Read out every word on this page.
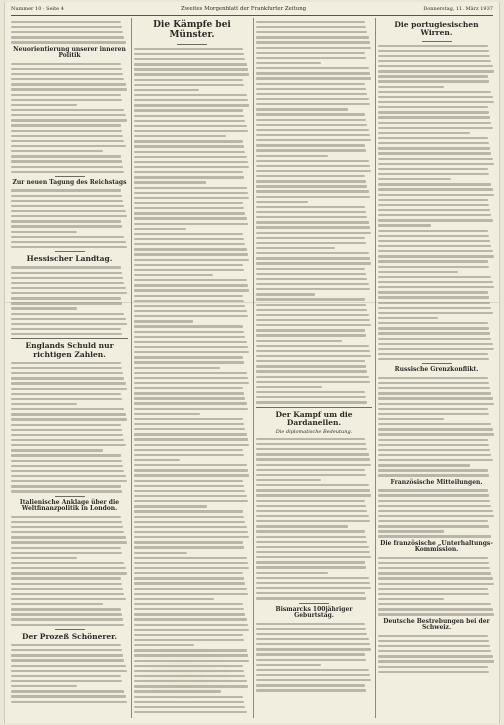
Nummer 10 · Seite 4	Zweites Morgenblatt der Frankfurter Zeitung	Donnerstag, 11. März 1937
Neuorientierung unserer inneren Politik
Zur neuen Tagung des Reichstags
Hessischer Landtag.
Englands Schuld nur richtigen Zahlen.
Italienische Anklage über die Weltfinanzpolitik in London.
Der Prozeß Schönerer.
Die Kämpfe bei Münster.
Der Kampf um die Dardanellen.
Die diplomatische Bedeutung.
Bismarcks 100jähriger Geburtstag.
Die portugiesischen Wirren.
Russische Grenzkonflikt.
Französische Mitteilungen.
Die französische „Unterhaltungs-Kommission.
Deutsche Bestrebungen bei der Schweiz.
